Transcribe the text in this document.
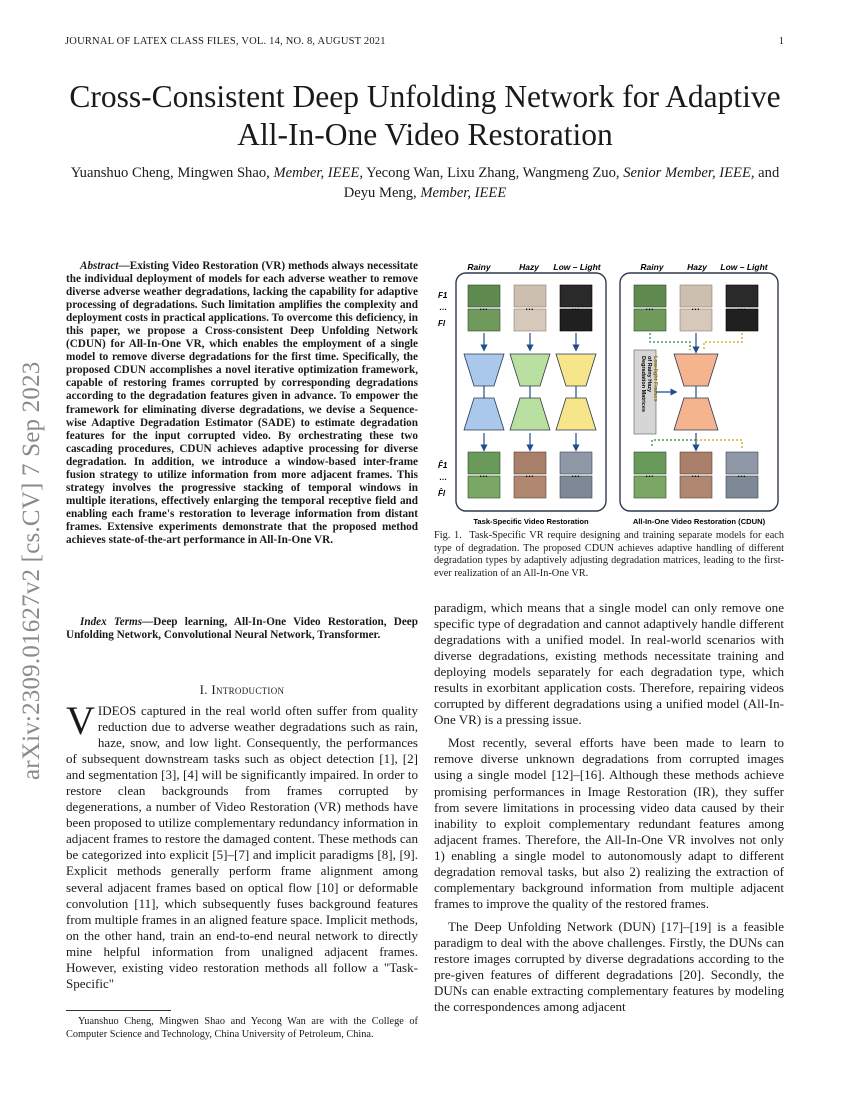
JOURNAL OF LATEX CLASS FILES, VOL. 14, NO. 8, AUGUST 2021	1
arXiv:2309.01627v2 [cs.CV] 7 Sep 2023
Cross-Consistent Deep Unfolding Network for Adaptive All-In-One Video Restoration
Yuanshuo Cheng, Mingwen Shao, Member, IEEE, Yecong Wan, Lixu Zhang, Wangmeng Zuo, Senior Member, IEEE, and Deyu Meng, Member, IEEE

Abstract—Existing Video Restoration (VR) methods always necessitate the individual deployment of models for each adverse weather to remove diverse adverse weather degradations, lacking the capability for adaptive processing of degradations. Such limitation amplifies the complexity and deployment costs in practical applications. To overcome this deficiency, in this paper, we propose a Cross-consistent Deep Unfolding Network (CDUN) for All-In-One VR, which enables the employment of a single model to remove diverse degradations for the first time. Specifically, the proposed CDUN accomplishes a novel iterative optimization framework, capable of restoring frames corrupted by corresponding degradations according to the degradation features given in advance. To empower the framework for eliminating diverse degradations, we devise a Sequence-wise Adaptive Degradation Estimator (SADE) to estimate degradation features for the input corrupted video. By orchestrating these two cascading procedures, CDUN achieves adaptive processing for diverse degradation. In addition, we introduce a window-based inter-frame fusion strategy to utilize information from more adjacent frames. This strategy involves the progressive stacking of temporal windows in multiple iterations, effectively enlarging the temporal receptive field and enabling each frame's restoration to leverage information from distant frames. Extensive experiments demonstrate that the proposed method achieves state-of-the-art performance in All-In-One VR.

Index Terms—Deep learning, All-In-One Video Restoration, Deep Unfolding Network, Convolutional Neural Network, Transformer.

I. Introduction

VIDEOS captured in the real world often suffer from quality reduction due to adverse weather degradations such as rain, haze, snow, and low light. Consequently, the performances of subsequent downstream tasks such as object detection [1], [2] and segmentation [3], [4] will be significantly impaired. In order to restore clean backgrounds from frames corrupted by degenerations, a number of Video Restoration (VR) methods have been proposed to utilize complementary redundancy information in adjacent frames to restore the damaged content. These methods can be categorized into explicit [5]–[7] and implicit paradigms [8], [9]. Explicit methods generally perform frame alignment among several adjacent frames based on optical flow [10] or deformable convolution [11], which subsequently fuses background features from multiple frames in an aligned feature space. Implicit methods, on the other hand, train an end-to-end neural network to directly mine helpful information from unaligned adjacent frames. However, existing video restoration methods all follow a "Task-Specific"

Yuanshuo Cheng, Mingwen Shao and Yecong Wan are with the College of Computer Science and Technology, China University of Petroleum, China.

Rainy	Hazy Low – Light	Rainy	Hazy Low – Light
F1
…
Fl
F̂1
…
F̂l
Degradation Matrices of Rainy Hazy Low-light Frames
…	…	…	…	…	…
…	…	…	…	…	…
Task-Specific Video Restoration	All-In-One Video Restoration (CDUN)

Fig. 1. Task-Specific VR require designing and training separate models for each type of degradation. The proposed CDUN achieves adaptive handling of different degradation types by adaptively adjusting degradation matrices, leading to the first-ever realization of an All-In-One VR.

paradigm, which means that a single model can only remove one specific type of degradation and cannot adaptively handle different degradations with a unified model. In real-world scenarios with diverse degradations, existing methods necessitate training and deploying models separately for each degradation type, which results in exorbitant application costs. Therefore, repairing videos corrupted by different degradations using a unified model (All-In-One VR) is a pressing issue.

Most recently, several efforts have been made to learn to remove diverse unknown degradations from corrupted images using a single model [12]–[16]. Although these methods achieve promising performances in Image Restoration (IR), they suffer from severe limitations in processing video data caused by their inability to exploit complementary redundant features among adjacent frames. Therefore, the All-In-One VR involves not only 1) enabling a single model to autonomously adapt to different degradation removal tasks, but also 2) realizing the extraction of complementary background information from multiple adjacent frames to improve the quality of the restored frames.

The Deep Unfolding Network (DUN) [17]–[19] is a feasible paradigm to deal with the above challenges. Firstly, the DUNs can restore images corrupted by diverse degradations according to the pre-given features of different degradations [20]. Secondly, the DUNs can enable extracting complementary features by modeling the correspondences among adjacent
